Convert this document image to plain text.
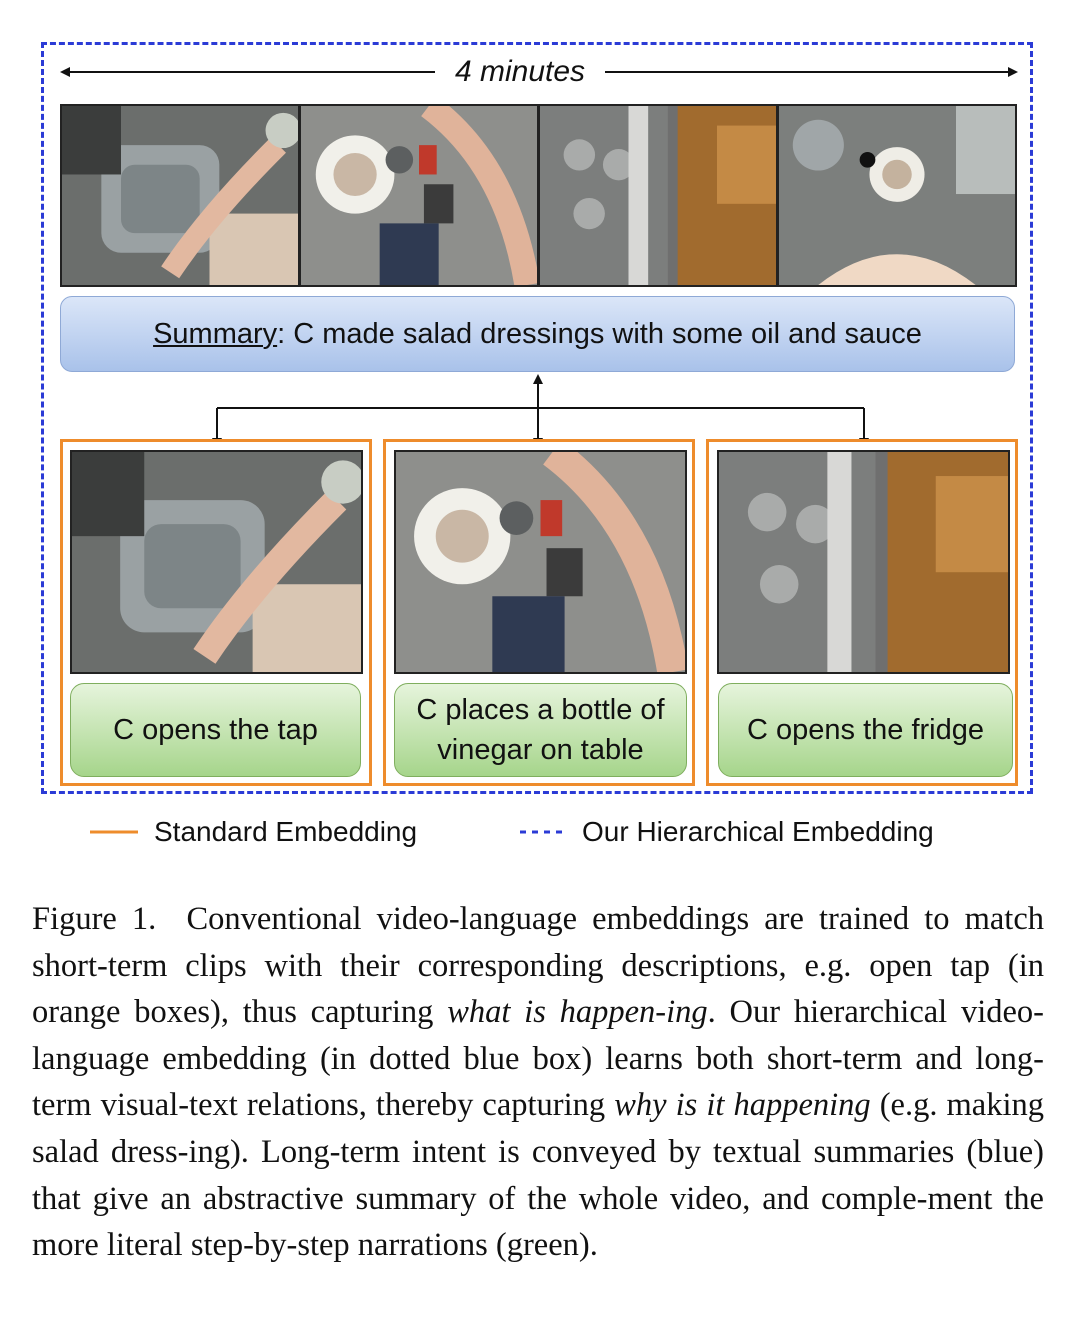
4 minutes
Summary : C made salad dressings with some oil and sauce
C opens the tap
C places a bottle of
vinegar on table
C opens the fridge
Standard Embedding	Our Hierarchical Embedding
Figure 1. Conventional video-language embeddings are trained to match short-term clips with their corresponding descriptions, e.g. open tap (in orange boxes), thus capturing what is happen-ing. Our hierarchical video-language embedding (in dotted blue box) learns both short-term and long-term visual-text relations, thereby capturing why is it happening (e.g. making salad dress-ing). Long-term intent is conveyed by textual summaries (blue) that give an abstractive summary of the whole video, and comple-ment the more literal step-by-step narrations (green).
